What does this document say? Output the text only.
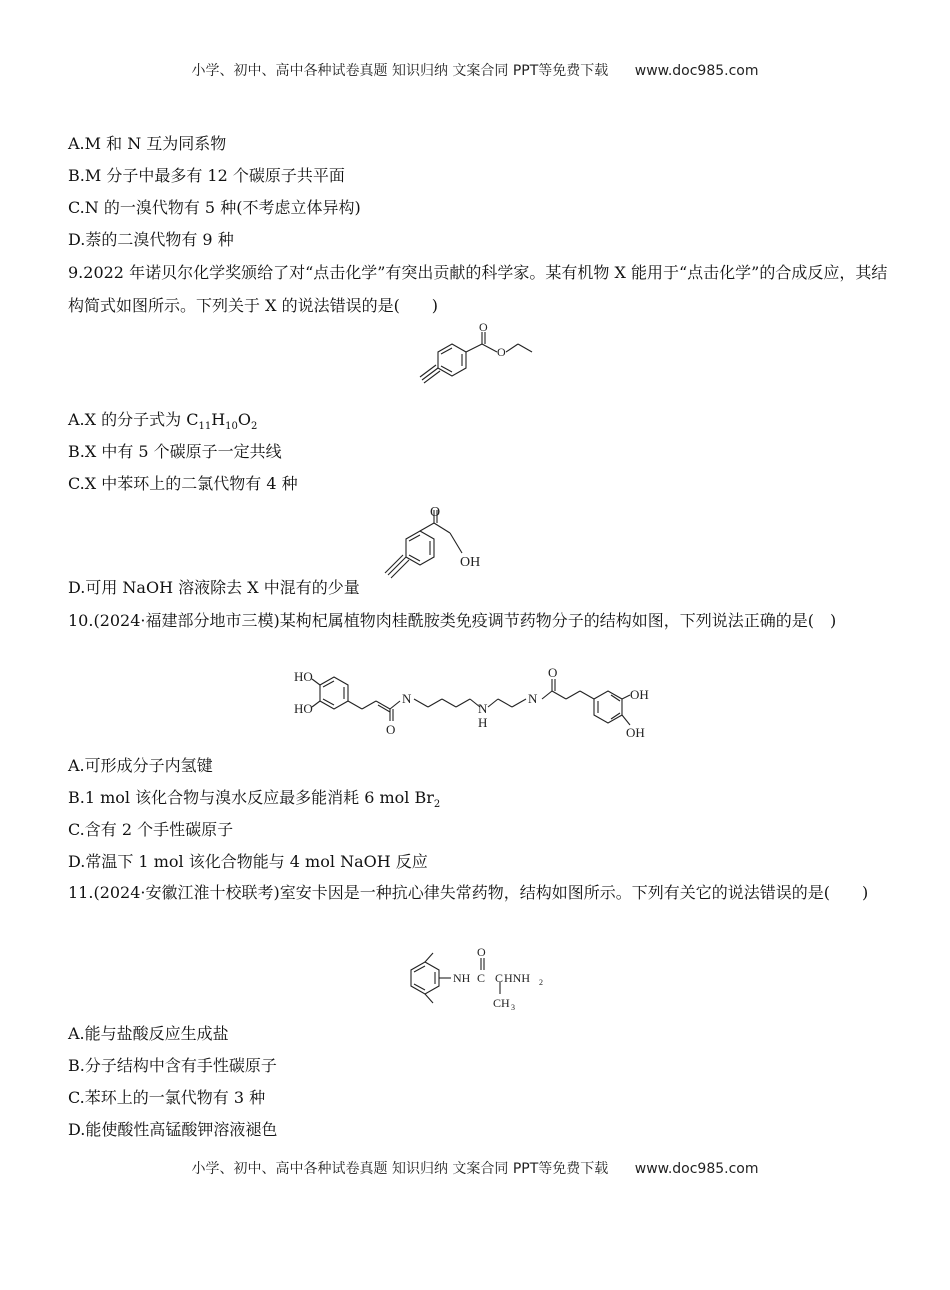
小学、初中、高中各种试卷真题 知识归纳 文案合同 PPT等免费下载 www.doc985.com
A.M 和 N 互为同系物
B.M 分子中最多有 12 个碳原子共平面
C.N 的一溴代物有 5 种(不考虑立体异构)
D.萘的二溴代物有 9 种
9.2022 年诺贝尔化学奖颁给了对“点击化学”有突出贡献的科学家。某有机物 X 能用于“点击化学”的合成反应，其结构简式如图所示。下列关于 X 的说法错误的是(　　)
O
O
A.X 的分子式为 $C_{11}H_{10}O_2$
B.X 中有 5 个碳原子一定共线
C.X 中苯环上的二氯代物有 4 种
D.可用 NaOH 溶液除去 X 中混有的少量
O
OH
10.(2024·福建部分地市三模)某枸杞属植物肉桂酰胺类免疫调节药物分子的结构如图，下列说法正确的是(　)
HO
HO
N
O
N
H
N
O
OH
OH
A.可形成分子内氢键
B.1 mol 该化合物与溴水反应最多能消耗 6 mol $Br_2$
C.含有 2 个手性碳原子
D.常温下 1 mol 该化合物能与 4 mol NaOH 反应
11.(2024·安徽江淮十校联考)室安卡因是一种抗心律失常药物，结构如图所示。下列有关它的说法错误的是(　　)
O
NH C C HNH 2
CH 3
A.能与盐酸反应生成盐
B.分子结构中含有手性碳原子
C.苯环上的一氯代物有 3 种
D.能使酸性高锰酸钾溶液褪色
小学、初中、高中各种试卷真题 知识归纳 文案合同 PPT等免费下载 www.doc985.com
